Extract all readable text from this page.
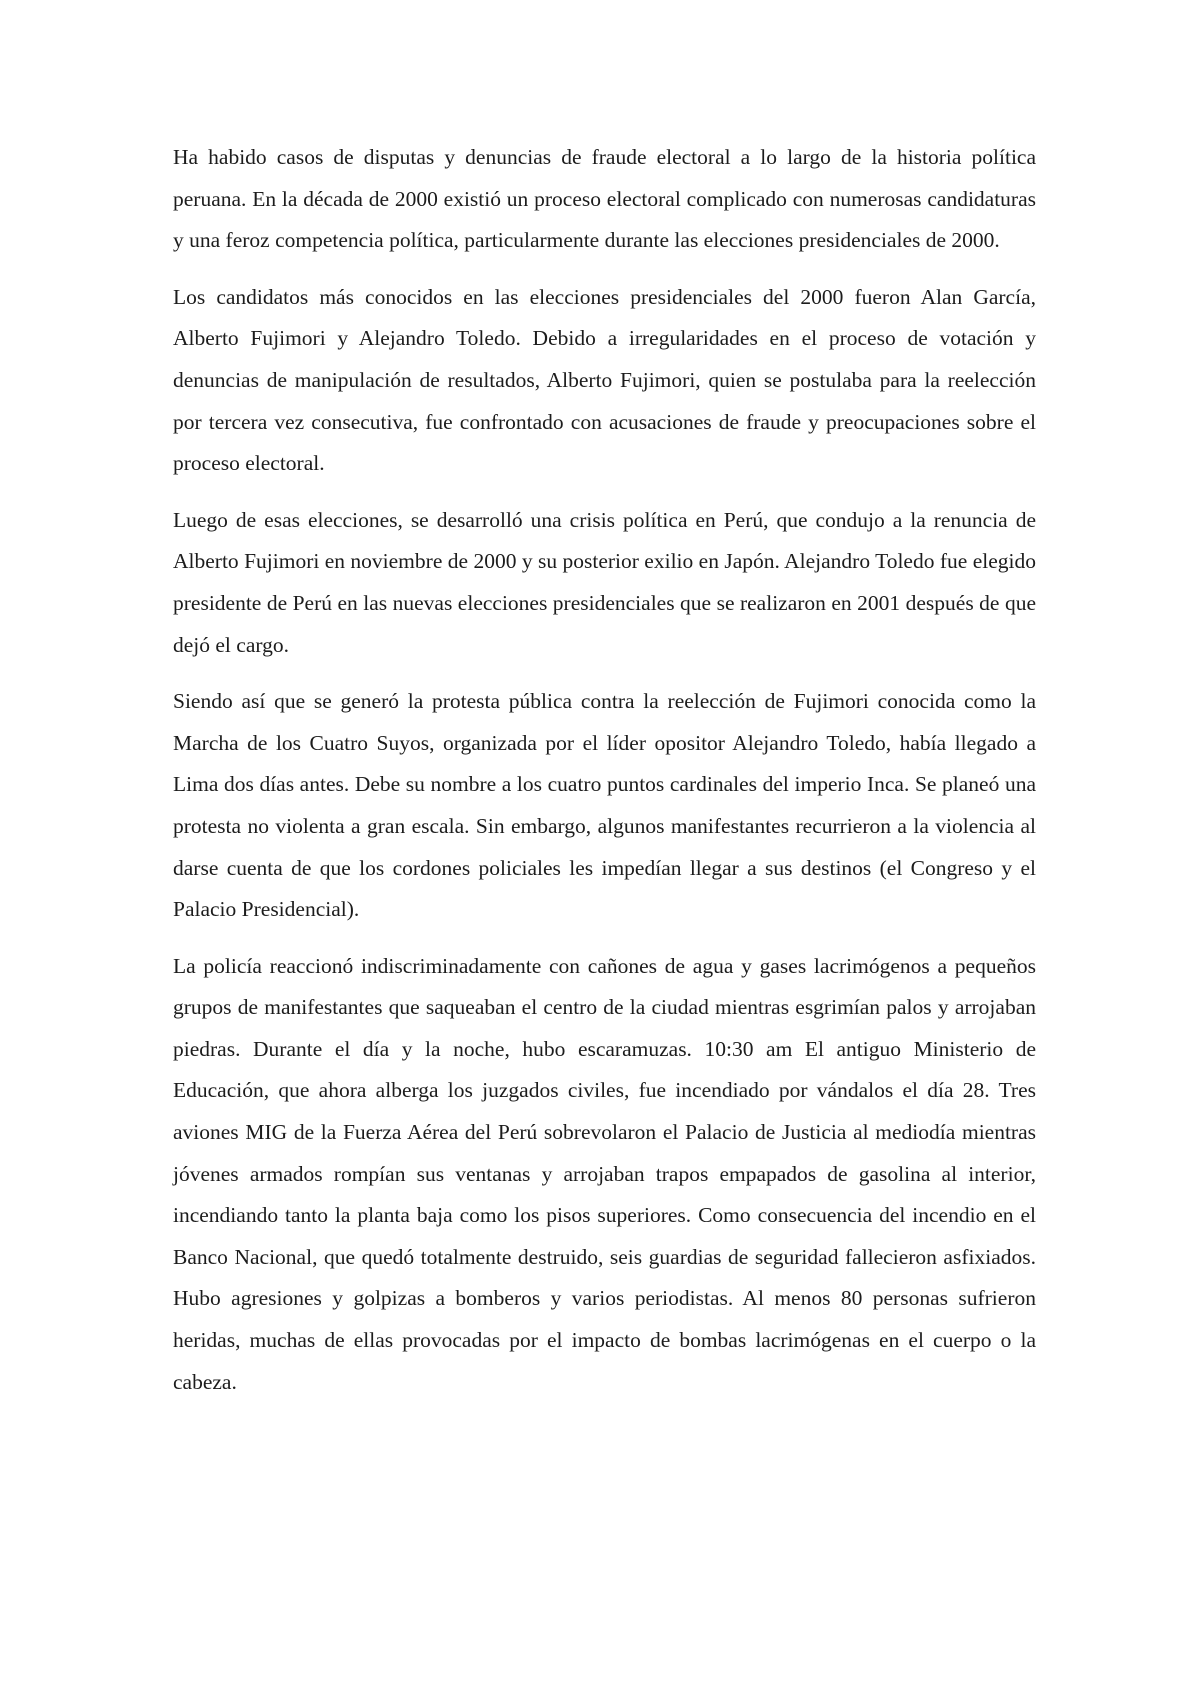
Ha habido casos de disputas y denuncias de fraude electoral a lo largo de la historia política peruana. En la década de 2000 existió un proceso electoral complicado con numerosas candidaturas y una feroz competencia política, particularmente durante las elecciones presidenciales de 2000.

Los candidatos más conocidos en las elecciones presidenciales del 2000 fueron Alan García, Alberto Fujimori y Alejandro Toledo. Debido a irregularidades en el proceso de votación y denuncias de manipulación de resultados, Alberto Fujimori, quien se postulaba para la reelección por tercera vez consecutiva, fue confrontado con acusaciones de fraude y preocupaciones sobre el proceso electoral.

Luego de esas elecciones, se desarrolló una crisis política en Perú, que condujo a la renuncia de Alberto Fujimori en noviembre de 2000 y su posterior exilio en Japón. Alejandro Toledo fue elegido presidente de Perú en las nuevas elecciones presidenciales que se realizaron en 2001 después de que dejó el cargo.

Siendo así que se generó la protesta pública contra la reelección de Fujimori conocida como la Marcha de los Cuatro Suyos, organizada por el líder opositor Alejandro Toledo, había llegado a Lima dos días antes. Debe su nombre a los cuatro puntos cardinales del imperio Inca. Se planeó una protesta no violenta a gran escala. Sin embargo, algunos manifestantes recurrieron a la violencia al darse cuenta de que los cordones policiales les impedían llegar a sus destinos (el Congreso y el Palacio Presidencial).

La policía reaccionó indiscriminadamente con cañones de agua y gases lacrimógenos a pequeños grupos de manifestantes que saqueaban el centro de la ciudad mientras esgrimían palos y arrojaban piedras. Durante el día y la noche, hubo escaramuzas. 10:30 am El antiguo Ministerio de Educación, que ahora alberga los juzgados civiles, fue incendiado por vándalos el día 28. Tres aviones MIG de la Fuerza Aérea del Perú sobrevolaron el Palacio de Justicia al mediodía mientras jóvenes armados rompían sus ventanas y arrojaban trapos empapados de gasolina al interior, incendiando tanto la planta baja como los pisos superiores. Como consecuencia del incendio en el Banco Nacional, que quedó totalmente destruido, seis guardias de seguridad fallecieron asfixiados. Hubo agresiones y golpizas a bomberos y varios periodistas. Al menos 80 personas sufrieron heridas, muchas de ellas provocadas por el impacto de bombas lacrimógenas en el cuerpo o la cabeza.
